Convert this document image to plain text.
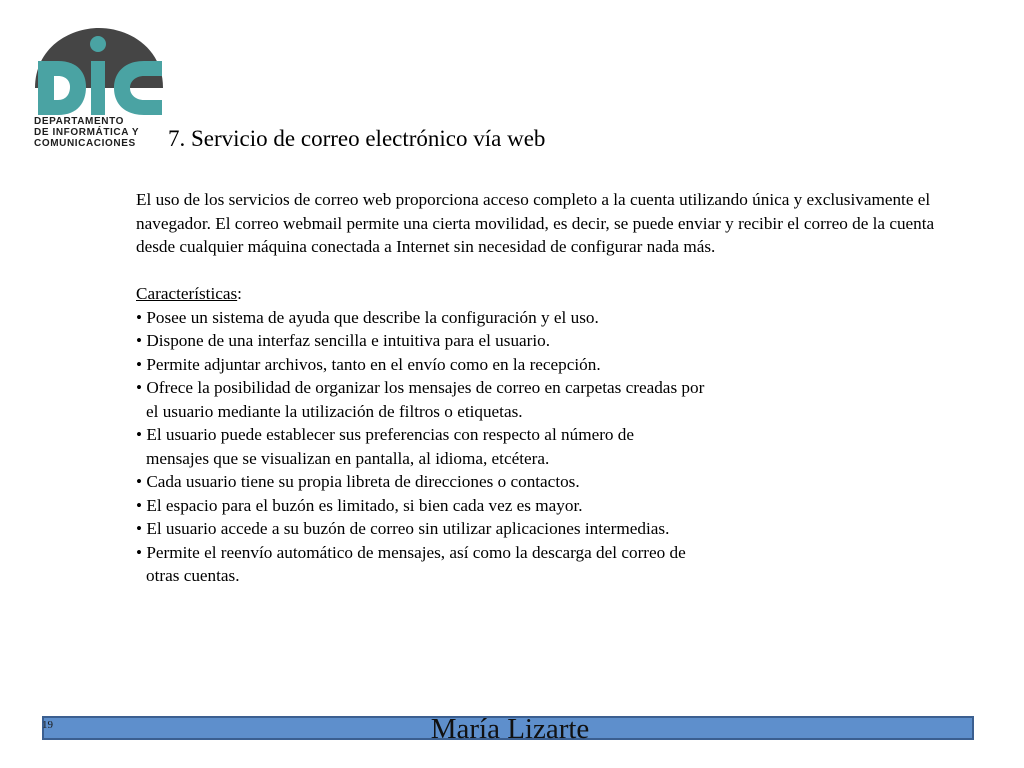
DEPARTAMENTO
DE INFORMÁTICA Y
COMUNICACIONES	7. Servicio de correo electrónico vía web

El uso de los servicios de correo web proporciona acceso completo a la cuenta utilizando única y exclusivamente el navegador. El correo webmail permite una cierta movilidad, es decir, se puede enviar y recibir el correo de la cuenta desde cualquier máquina conectada a Internet sin necesidad de configurar nada más.

Características:

• Posee un sistema de ayuda que describe la configuración y el uso.
• Dispone de una interfaz sencilla e intuitiva para el usuario.
• Permite adjuntar archivos, tanto en el envío como en la recepción.
• Ofrece la posibilidad de organizar los mensajes de correo en carpetas creadas por
el usuario mediante la utilización de filtros o etiquetas.
• El usuario puede establecer sus preferencias con respecto al número de
mensajes que se visualizan en pantalla, al idioma, etcétera.
• Cada usuario tiene su propia libreta de direcciones o contactos.
• El espacio para el buzón es limitado, si bien cada vez es mayor.
• El usuario accede a su buzón de correo sin utilizar aplicaciones intermedias.
• Permite el reenvío automático de mensajes, así como la descarga del correo de
otras cuentas.
19	María Lizarte
